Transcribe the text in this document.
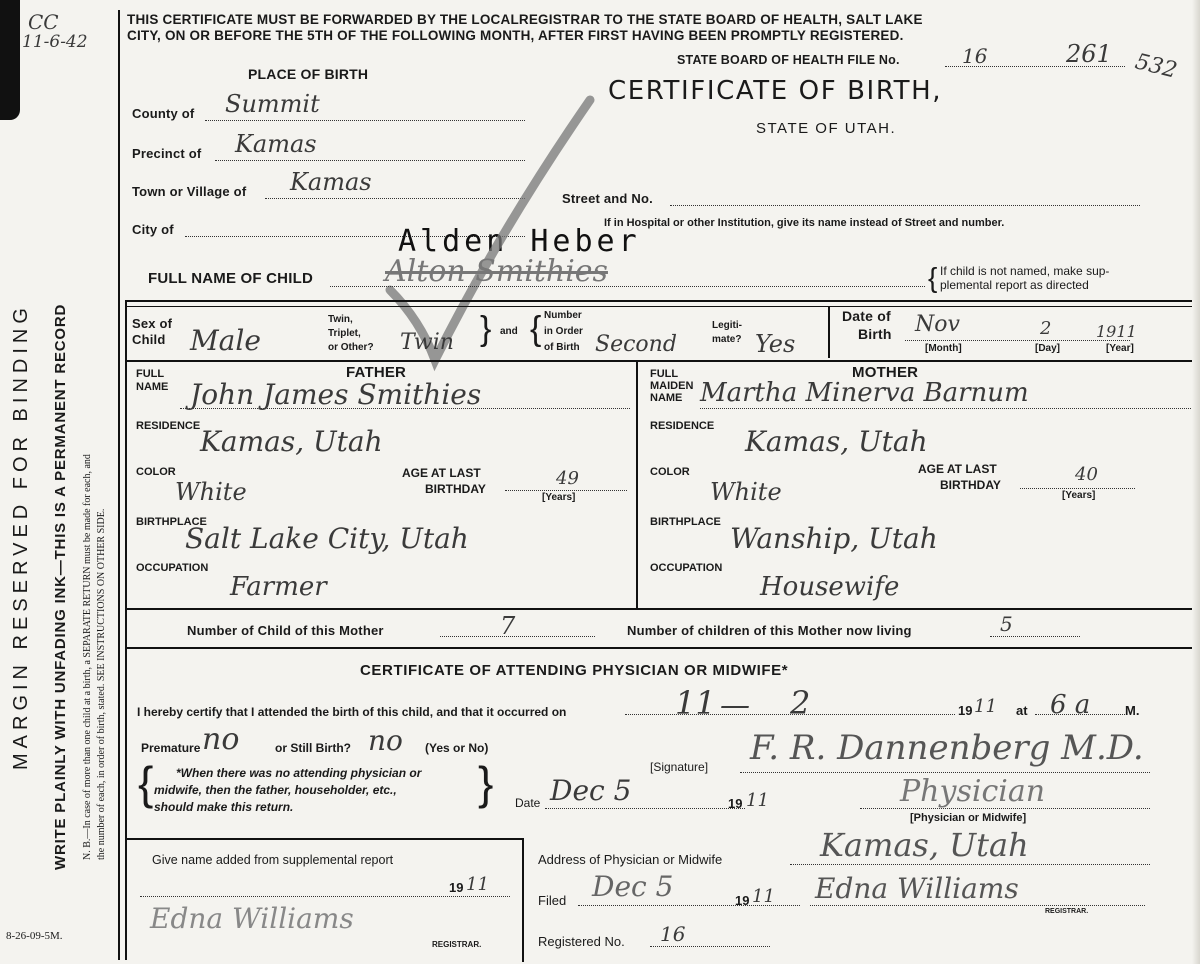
CC
11-6-42
MARGIN RESERVED FOR BINDING WRITE PLAINLY WITH UNFADING INK—THIS IS A PERMANENT RECORD N. B.—In case of more than one child at a birth, a SEPARATE RETURN must be made for each, and the number of each, in order of birth, stated. SEE INSTRUCTIONS ON OTHER SIDE.
8-26-09-5M.
THIS CERTIFICATE MUST BE FORWARDED BY THE LOCALREGISTRAR TO THE STATE BOARD OF HEALTH, SALT LAKE
CITY, ON OR BEFORE THE 5TH OF THE FOLLOWING MONTH, AFTER FIRST HAVING BEEN PROMPTLY REGISTERED.
PLACE OF BIRTH
STATE BOARD OF HEALTH FILE No.	16	261 532
CERTIFICATE OF BIRTH,
STATE OF UTAH.
County of Summit
Precinct of Kamas
Town or Village of Kamas
Street and No.
City of	If in Hospital or other Institution, give its name instead of Street and number.
Alden Heber
FULL NAME OF CHILD Alton Smithies	{ If child is not named, make sup-
plemental report as directed
Sex of
Child Male
Twin,
Triplet,
or Other? Twin } and { Number
in Order
of Birth Second
Legiti-
mate? Yes
Date of
Birth Nov	2	1911
[Month]	[Day]	[Year]
FATHER
FULL
NAME John James Smithies
RESIDENCE Kamas, Utah
COLOR
White
AGE AT LAST
BIRTHDAY	49
[Years]
BIRTHPLACE
Salt Lake City, Utah
OCCUPATION
Farmer
MOTHER
FULL
MAIDEN
NAME Martha Minerva Barnum
RESIDENCE Kamas, Utah
COLOR
White
AGE AT LAST
BIRTHDAY	40
[Years]
BIRTHPLACE Wanship, Utah
OCCUPATION
Housewife
Number of Child of this Mother	7	Number of children of this Mother now living	5
CERTIFICATE OF ATTENDING PHYSICIAN OR MIDWIFE*
I hereby certify that I attended the birth of this child, and that it occurred on	11 — 2	19 11 at 6 a	M.
Premature no	or Still Birth? no (Yes or No)
{ *When there was no attending physician or
midwife, then the father, householder, etc.,
should make this return.	}	[Signature] F. R. Dannenberg M.D.
Date Dec 5	19 11	Physician
[Physician or Midwife]
Give name added from supplemental report
19 11
Edna Williams
REGISTRAR.
Address of Physician or Midwife	Kamas, Utah
Filed Dec 5	19 11 Edna Williams
REGISTRAR.
Registered No. 16
